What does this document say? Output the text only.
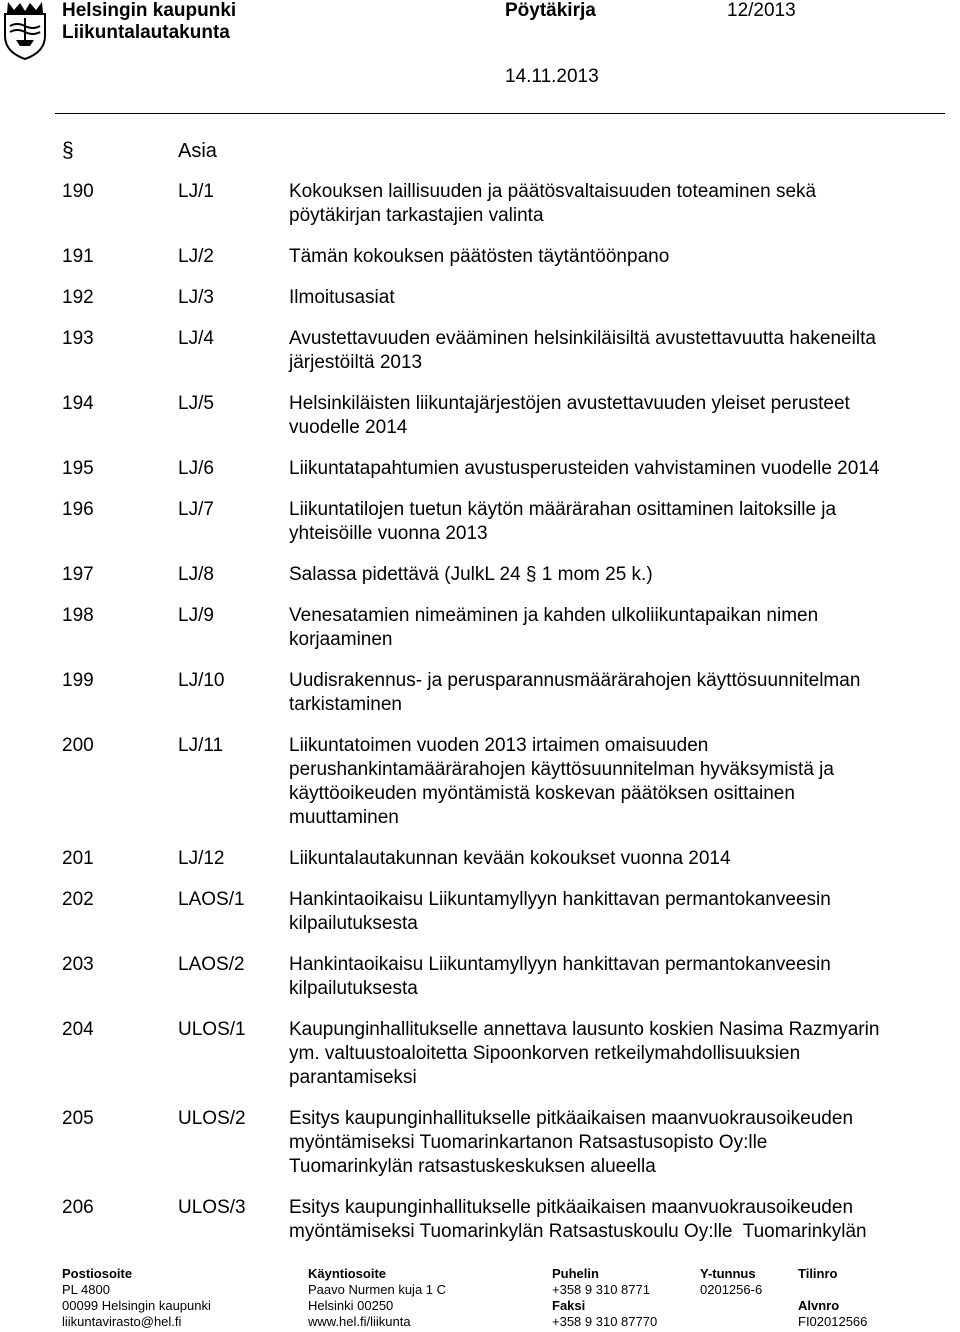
Helsingin kaupunki
Liikuntalautakunta
Pöytäkirja	12/2013
14.11.2013
§	Asia
190	LJ/1	Kokouksen laillisuuden ja päätösvaltaisuuden toteaminen sekä
pöytäkirjan tarkastajien valinta
191	LJ/2	Tämän kokouksen päätösten täytäntöönpano
192	LJ/3	Ilmoitusasiat
193	LJ/4	Avustettavuuden evääminen helsinkiläisiltä avustettavuutta hakeneilta
järjestöiltä 2013
194	LJ/5	Helsinkiläisten liikuntajärjestöjen avustettavuuden yleiset perusteet
vuodelle 2014
195	LJ/6	Liikuntatapahtumien avustusperusteiden vahvistaminen vuodelle 2014
196	LJ/7	Liikuntatilojen tuetun käytön määrärahan osittaminen laitoksille ja
yhteisöille vuonna 2013
197	LJ/8	Salassa pidettävä (JulkL 24 § 1 mom 25 k.)
198	LJ/9	Venesatamien nimeäminen ja kahden ulkoliikuntapaikan nimen
korjaaminen
199	LJ/10	Uudisrakennus- ja perusparannusmäärärahojen käyttösuunnitelman
tarkistaminen
200	LJ/11	Liikuntatoimen vuoden 2013 irtaimen omaisuuden
perushankintamäärärahojen käyttösuunnitelman hyväksymistä ja
käyttöoikeuden myöntämistä koskevan päätöksen osittainen
muuttaminen
201	LJ/12	Liikuntalautakunnan kevään kokoukset vuonna 2014
202	LAOS/1 Hankintaoikaisu Liikuntamyllyyn hankittavan permantokanveesin
kilpailutuksesta
203	LAOS/2 Hankintaoikaisu Liikuntamyllyyn hankittavan permantokanveesin
kilpailutuksesta
204	ULOS/1 Kaupunginhallitukselle annettava lausunto koskien Nasima Razmyarin
ym. valtuustoaloitetta Sipoonkorven retkeilymahdollisuuksien
parantamiseksi
205	ULOS/2 Esitys kaupunginhallitukselle pitkäaikaisen maanvuokrausoikeuden
myöntämiseksi Tuomarinkartanon Ratsastusopisto Oy:lle
Tuomarinkylän ratsastuskeskuksen alueella
206	ULOS/3 Esitys kaupunginhallitukselle pitkäaikaisen maanvuokrausoikeuden
myöntämiseksi Tuomarinkylän Ratsastuskoulu Oy:lle  Tuomarinkylän
Postiosoite
PL 4800
00099 Helsingin kaupunki
liikuntavirasto@hel.fi
Käyntiosoite
Paavo Nurmen kuja 1 C
Helsinki 00250
www.hel.fi/liikunta
Puhelin
+358 9 310 8771
Faksi
+358 9 310 87770
Y-tunnus
0201256-6
Tilinro

Alvnro
FI02012566
